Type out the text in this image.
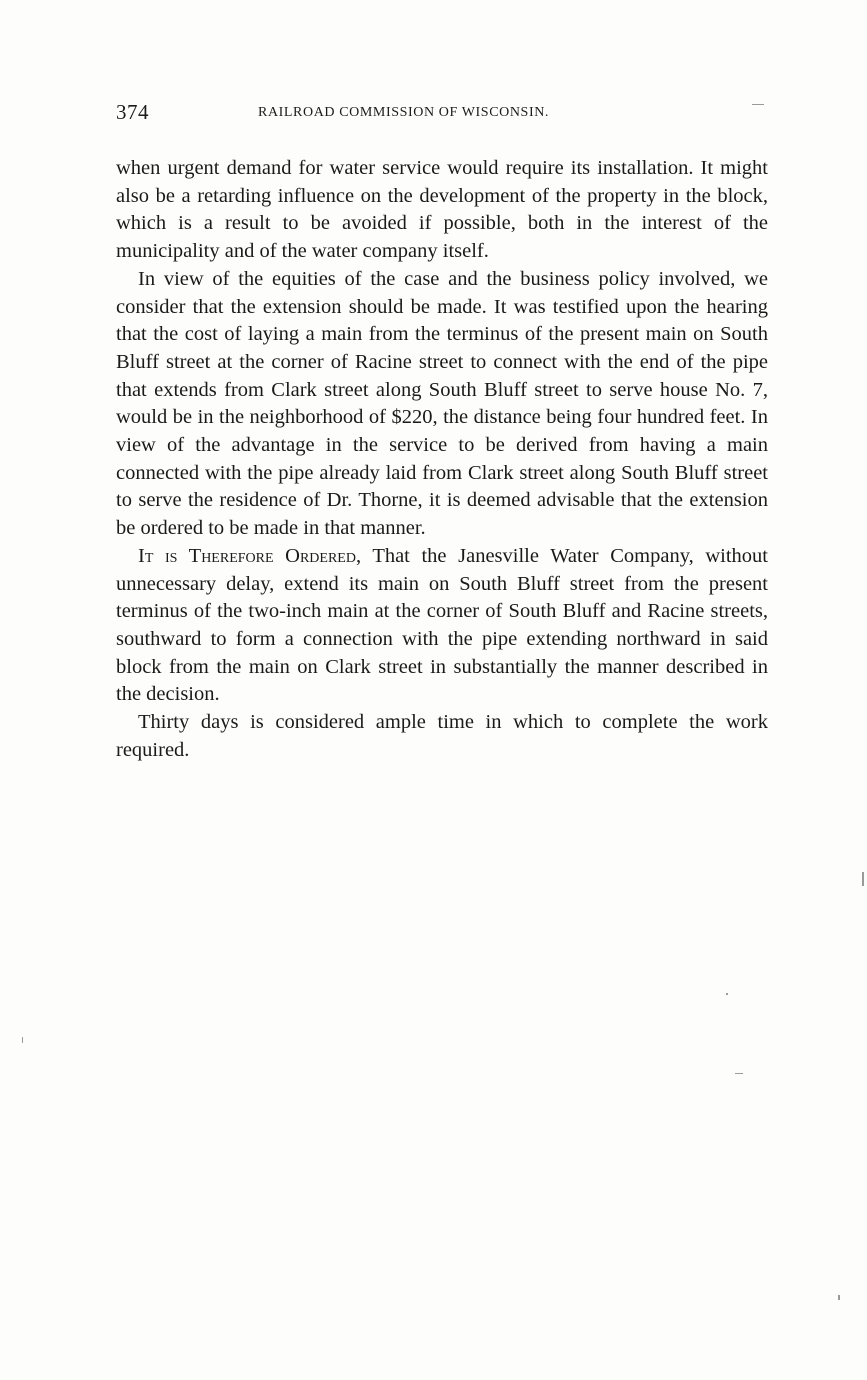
374	RAILROAD COMMISSION OF WISCONSIN.

when urgent demand for water service would require its installation. It might also be a retarding influence on the development of the property in the block, which is a result to be avoided if possible, both in the interest of the municipality and of the water company itself.

In view of the equities of the case and the business policy involved, we consider that the extension should be made. It was testified upon the hearing that the cost of laying a main from the terminus of the present main on South Bluff street at the corner of Racine street to connect with the end of the pipe that extends from Clark street along South Bluff street to serve house No. 7, would be in the neighborhood of $220, the distance being four hundred feet. In view of the advantage in the service to be derived from having a main connected with the pipe already laid from Clark street along South Bluff street to serve the residence of Dr. Thorne, it is deemed advisable that the extension be ordered to be made in that manner.

It is Therefore Ordered, That the Janesville Water Company, without unnecessary delay, extend its main on South Bluff street from the present terminus of the two-inch main at the corner of South Bluff and Racine streets, southward to form a connection with the pipe extending northward in said block from the main on Clark street in substantially the manner described in the decision.

Thirty days is considered ample time in which to complete the work required.
